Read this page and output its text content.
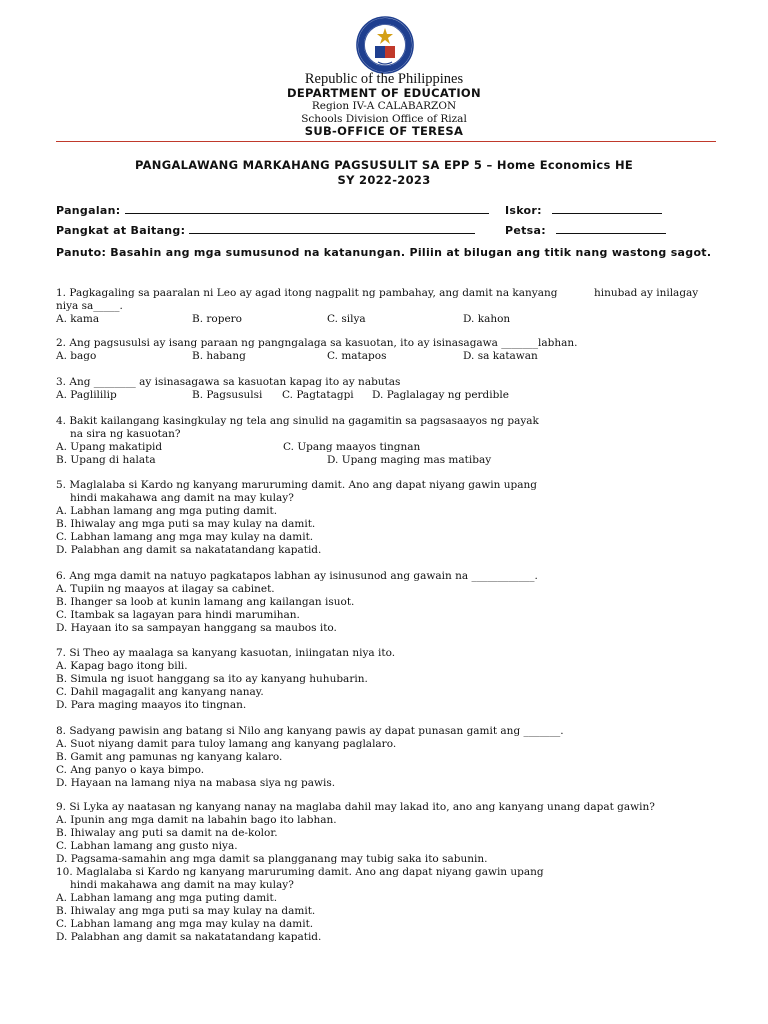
Republic of the Philippines
DEPARTMENT OF EDUCATION
Region IV-A CALABARZON
Schools Division Office of Rizal
SUB-OFFICE OF TERESA
PANGALAWANG MARKAHANG PAGSUSULIT SA EPP 5 – Home Economics HE
SY 2022-2023
Pangalan:	Iskor:
Pangkat at Baitang:	Petsa:
Panuto: Basahin ang mga sumusunod na katanungan. Piliin at bilugan ang titik nang wastong sagot.
1. Pagkagaling sa paaralan ni Leo ay agad itong nagpalit ng pambahay, ang damit na kanyang	hinubad ay inilagay
niya sa_____.
A. kama	B. ropero	C. silya	D. kahon
2. Ang pagsusulsi ay isang paraan ng pangngalaga sa kasuotan, ito ay isinasagawa _______labhan.
A. bago	B. habang	C. matapos	D. sa katawan
3. Ang ________ ay isinasagawa sa kasuotan kapag ito ay nabutas
A. Paglililip	B. Pagsusulsi C. Pagtatagpi D. Paglalagay ng perdible
4. Bakit kailangang kasingkulay ng tela ang sinulid na gagamitin sa pagsasaayos ng payak
na sira ng kasuotan?
A. Upang makatipid	C. Upang maayos tingnan
B. Upang di halata	D. Upang maging mas matibay
5. Maglalaba si Kardo ng kanyang maruruming damit. Ano ang dapat niyang gawin upang
hindi makahawa ang damit na may kulay?
A. Labhan lamang ang mga puting damit.
B. Ihiwalay ang mga puti sa may kulay na damit.
C. Labhan lamang ang mga may kulay na damit.
D. Palabhan ang damit sa nakatatandang kapatid.
6. Ang mga damit na natuyo pagkatapos labhan ay isinusunod ang gawain na ____________.
A. Tupiin ng maayos at ilagay sa cabinet.
B. Ihanger sa loob at kunin lamang ang kailangan isuot.
C. Itambak sa lagayan para hindi marumihan.
D. Hayaan ito sa sampayan hanggang sa maubos ito.
7. Si Theo ay maalaga sa kanyang kasuotan, iniingatan niya ito.
A. Kapag bago itong bili.
B. Simula ng isuot hanggang sa ito ay kanyang huhubarin.
C. Dahil magagalit ang kanyang nanay.
D. Para maging maayos ito tingnan.
8. Sadyang pawisin ang batang si Nilo ang kanyang pawis ay dapat punasan gamit ang _______.
A. Suot niyang damit para tuloy lamang ang kanyang paglalaro.
B. Gamit ang pamunas ng kanyang kalaro.
C. Ang panyo o kaya bimpo.
D. Hayaan na lamang niya na mabasa siya ng pawis.
9. Si Lyka ay naatasan ng kanyang nanay na maglaba dahil may lakad ito, ano ang kanyang unang dapat gawin?
A. Ipunin ang mga damit na labahin bago ito labhan.
B. Ihiwalay ang puti sa damit na de-kolor.
C. Labhan lamang ang gusto niya.
D. Pagsama-samahin ang mga damit sa plangganang may tubig saka ito sabunin.
10. Maglalaba si Kardo ng kanyang maruruming damit. Ano ang dapat niyang gawin upang
hindi makahawa ang damit na may kulay?
A. Labhan lamang ang mga puting damit.
B. Ihiwalay ang mga puti sa may kulay na damit.
C. Labhan lamang ang mga may kulay na damit.
D. Palabhan ang damit sa nakatatandang kapatid.
